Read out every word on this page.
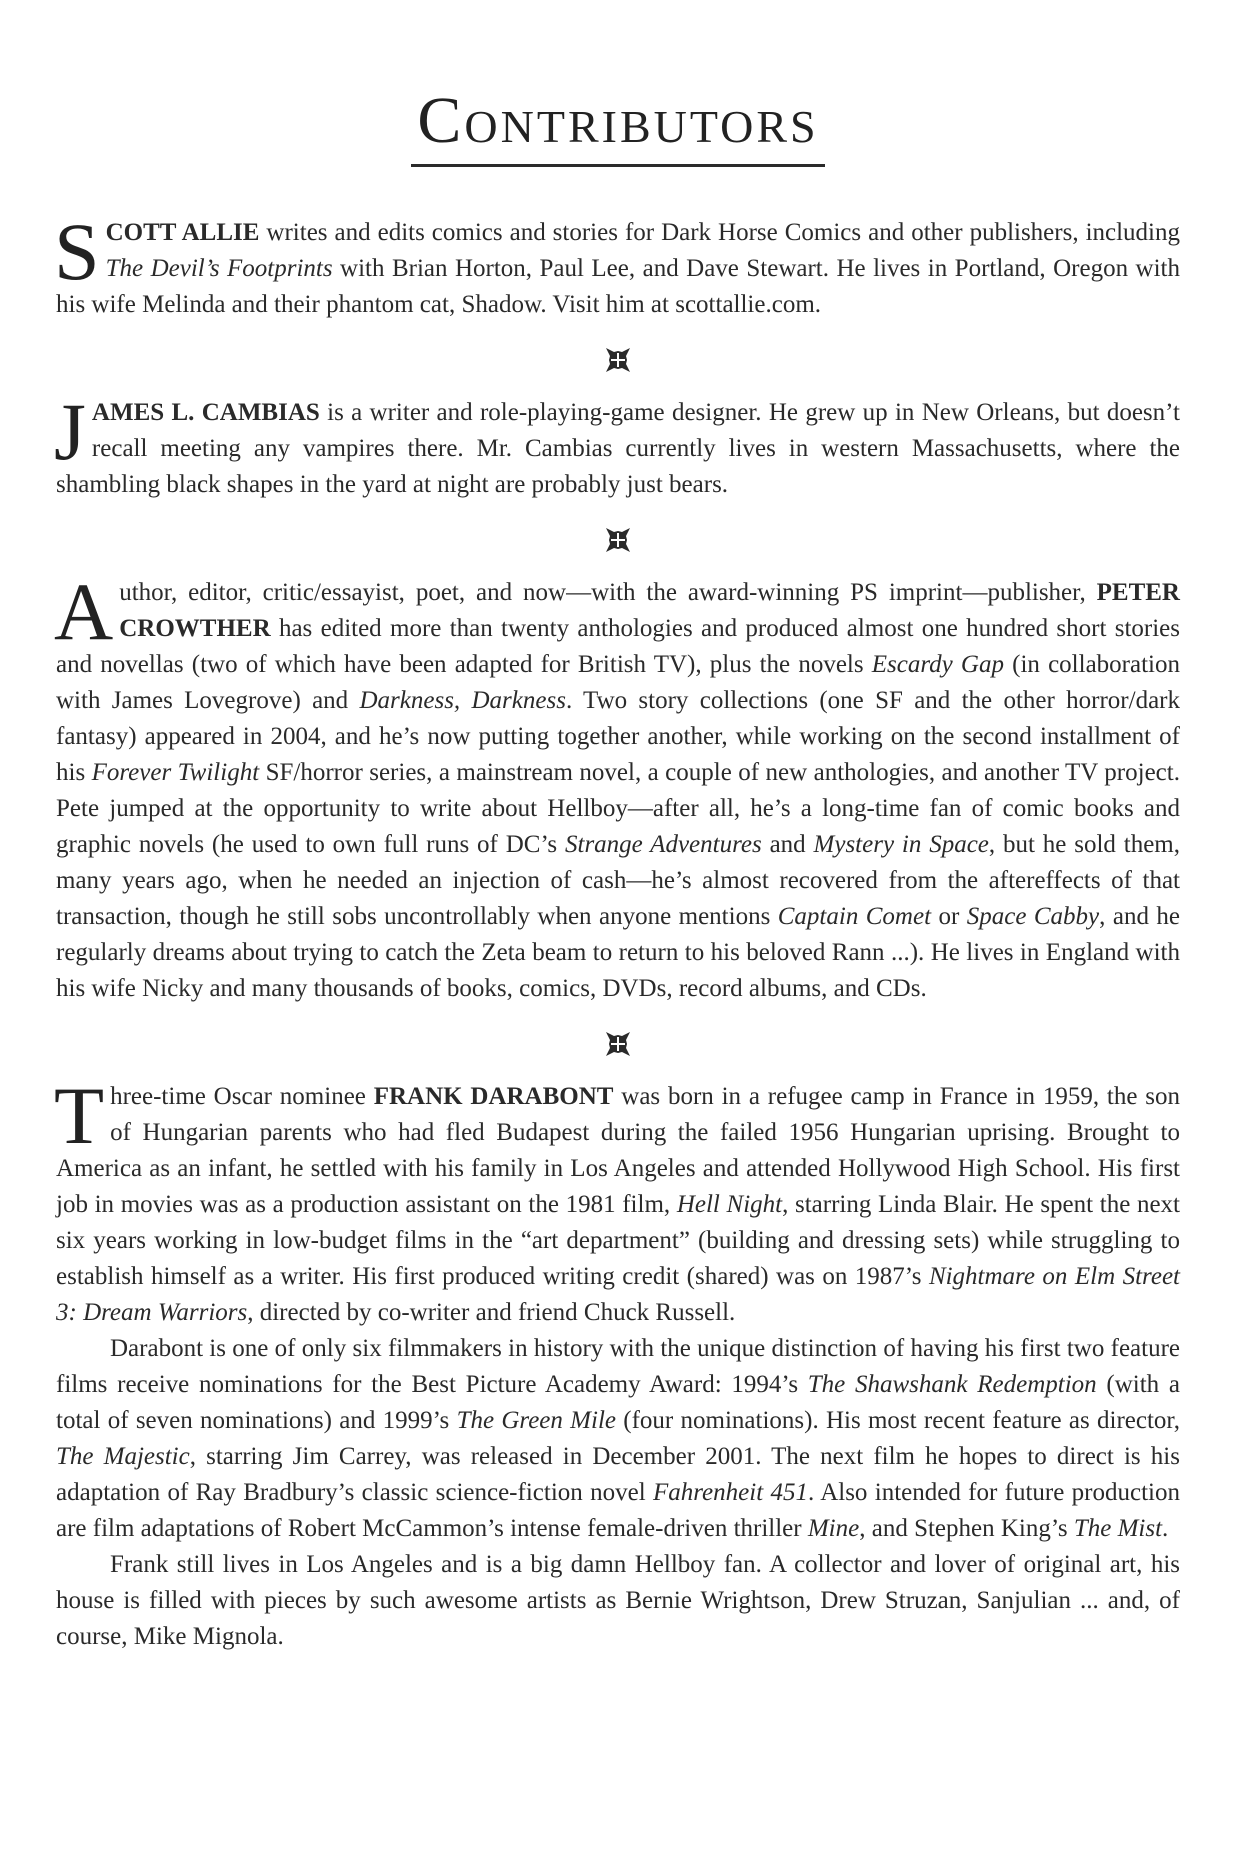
Contributors

SCOTT ALLIE writes and edits comics and stories for Dark Horse Comics and other publishers, including The Devil’s Footprints with Brian Horton, Paul Lee, and Dave Stewart. He lives in Portland, Oregon with his wife Melinda and their phantom cat, Shadow. Visit him at scottallie.com.

JAMES L. CAMBIAS is a writer and role-playing-game designer. He grew up in New Orleans, but doesn’t recall meeting any vampires there. Mr. Cambias currently lives in western Massachusetts, where the shambling black shapes in the yard at night are probably just bears.

Author, editor, critic/essayist, poet, and now—with the award-winning PS imprint—publisher, PETER CROWTHER has edited more than twenty anthologies and produced almost one hundred short stories and novellas (two of which have been adapted for British TV), plus the novels Escardy Gap (in collaboration with James Lovegrove) and Darkness, Darkness. Two story collections (one SF and the other horror/dark fantasy) appeared in 2004, and he’s now putting together another, while working on the second installment of his Forever Twilight SF/horror series, a mainstream novel, a couple of new anthologies, and another TV project. Pete jumped at the opportunity to write about Hellboy—after all, he’s a long-time fan of comic books and graphic novels (he used to own full runs of DC’s Strange Adventures and Mystery in Space, but he sold them, many years ago, when he needed an injection of cash—he’s almost recovered from the aftereffects of that transaction, though he still sobs uncontrollably when anyone mentions Captain Comet or Space Cabby, and he regularly dreams about trying to catch the Zeta beam to return to his beloved Rann ...). He lives in England with his wife Nicky and many thousands of books, comics, DVDs, record albums, and CDs.

Three-time Oscar nominee FRANK DARABONT was born in a refugee camp in France in 1959, the son of Hungarian parents who had fled Budapest during the failed 1956 Hungarian uprising. Brought to America as an infant, he settled with his family in Los Angeles and attended Hollywood High School. His first job in movies was as a production assistant on the 1981 film, Hell Night, starring Linda Blair. He spent the next six years working in low-budget films in the “art department” (building and dressing sets) while struggling to establish himself as a writer. His first produced writing credit (shared) was on 1987’s Nightmare on Elm Street 3: Dream Warriors, directed by co-writer and friend Chuck Russell.

Darabont is one of only six filmmakers in history with the unique distinction of having his first two feature films receive nominations for the Best Picture Academy Award: 1994’s The Shawshank Redemption (with a total of seven nominations) and 1999’s The Green Mile (four nominations). His most recent feature as director, The Majestic, starring Jim Carrey, was released in December 2001. The next film he hopes to direct is his adaptation of Ray Bradbury’s classic science-fiction novel Fahrenheit 451. Also intended for future production are film adaptations of Robert McCammon’s intense female-driven thriller Mine, and Stephen King’s The Mist.

Frank still lives in Los Angeles and is a big damn Hellboy fan. A collector and lover of original art, his house is filled with pieces by such awesome artists as Bernie Wrightson, Drew Struzan, Sanjulian ... and, of course, Mike Mignola.
